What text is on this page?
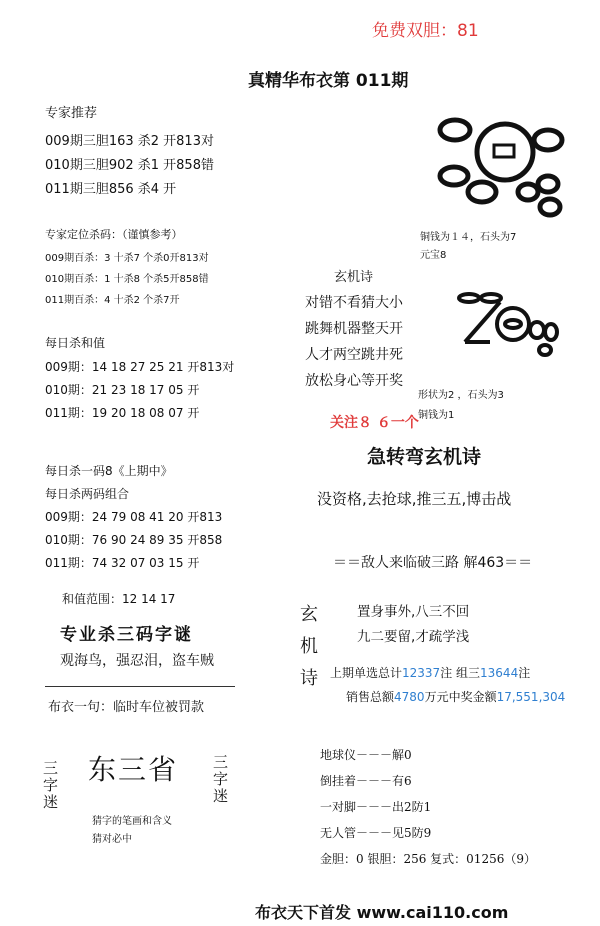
免费双胆：81
真精华布衣第 011期
专家推荐
009期三胆163 杀2 开813对
010期三胆902 杀1 开858错
011期三胆856 杀4 开
专家定位杀码：（谨慎参考）
009期百杀：3 十杀7 个杀0开813对
010期百杀：1 十杀8 个杀5开858错
011期百杀：4 十杀2 个杀7开
每日杀和值
009期：14 18 27 25 21 开813对
010期：21 23 18 17 05 开
011期：19 20 18 08 07 开
每日杀一码8《上期中》
每日杀两码组合
009期：24 79 08 41 20 开813
010期：76 90 24 89 35 开858
011期：74 32 07 03 15 开
和值范围：12 14 17
专业杀三码字谜
观海鸟，强忍泪，盗车贼
布衣一句：临时车位被罚款
三字迷 东三省 三字迷
猜字的笔画和含义
猜对必中
铜钱为１４，石头为7
元宝8
玄机诗
对错不看猜大小
跳舞机器整天开
人才两空跳井死
放松身心等开奖
形状为2 ，石头为3
铜钱为1
关注８ ６一个
急转弯玄机诗
没资格,去抢球,推三五,博击战
＝＝敌人来临破三路 解463＝＝
玄
机
诗
置身事外,八三不回
九二要留,才疏学浅
上期单选总计12337注 组三13644注
销售总额4780万元中奖金额17,551,304
地球仪－－－解0
倒挂着－－－有6
一对脚－－－出2防1
无人管－－－见5防9
金胆：0 银胆：256 复式：01256（9）
布衣天下首发 www.cai110.com
